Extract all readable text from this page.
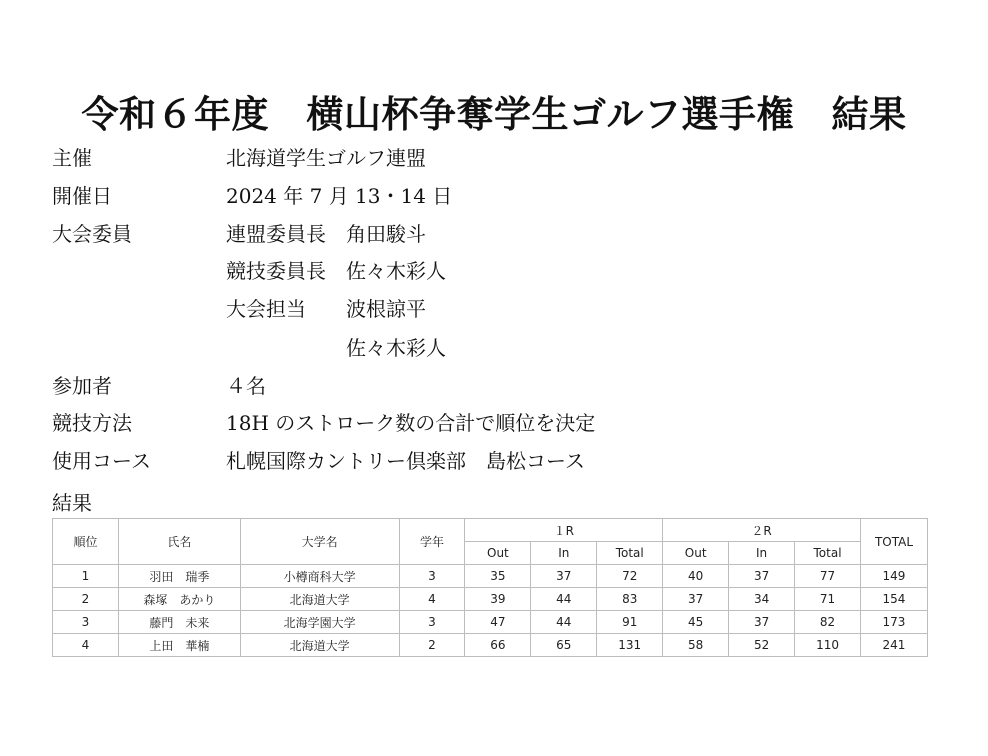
令和６年度　横山杯争奪学生ゴルフ選手権　結果

主催

	北海道学生ゴルフ連盟

開催日

	2024 年 7 月 13・14 日

大会委員

	連盟委員長　角田駿斗

競技委員長　佐々木彩人

大会担当　　波根諒平

　　　　　　佐々木彩人

参加者

	４名

競技方法

	18H のストローク数の合計で順位を決定

使用コース

	札幌国際カントリー倶楽部　島松コース

結果
順位	氏名	大学名	学年	１R			２R			TOTAL
				Out	In	Total	Out	In	Total	
1	羽田　瑞季	小樽商科大学	3	35	37	72	40	37	77	149
2	森塚　あかり	北海道大学	4	39	44	83	37	34	71	154
3	藤門　未来	北海学園大学	3	47	44	91	45	37	82	173
4	上田　華楠	北海道大学	2	66	65	131	58	52	110	241
